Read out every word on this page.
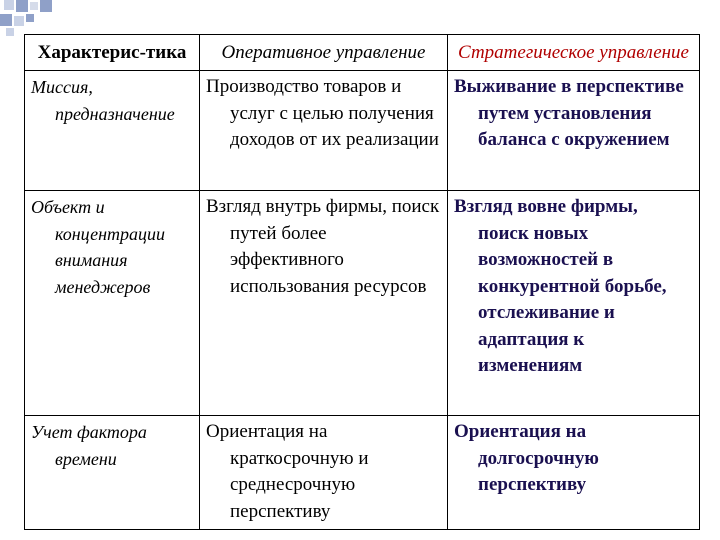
Характерис-тика	Оперативное управление	Стратегическое управление
Миссия, предназначение	Производство товаров и услуг с целью получения доходов от их реализации	Выживание в перспективе путем установления баланса с окружением
Объект и концентрации внимания менеджеров	Взгляд внутрь фирмы, поиск путей более эффективного использования ресурсов	Взгляд вовне фирмы, поиск новых возможностей в конкурентной борьбе, отслеживание и адаптация к изменениям
Учет фактора времени	Ориентация на краткосрочную и среднесрочную перспективу	Ориентация на долгосрочную перспективу
